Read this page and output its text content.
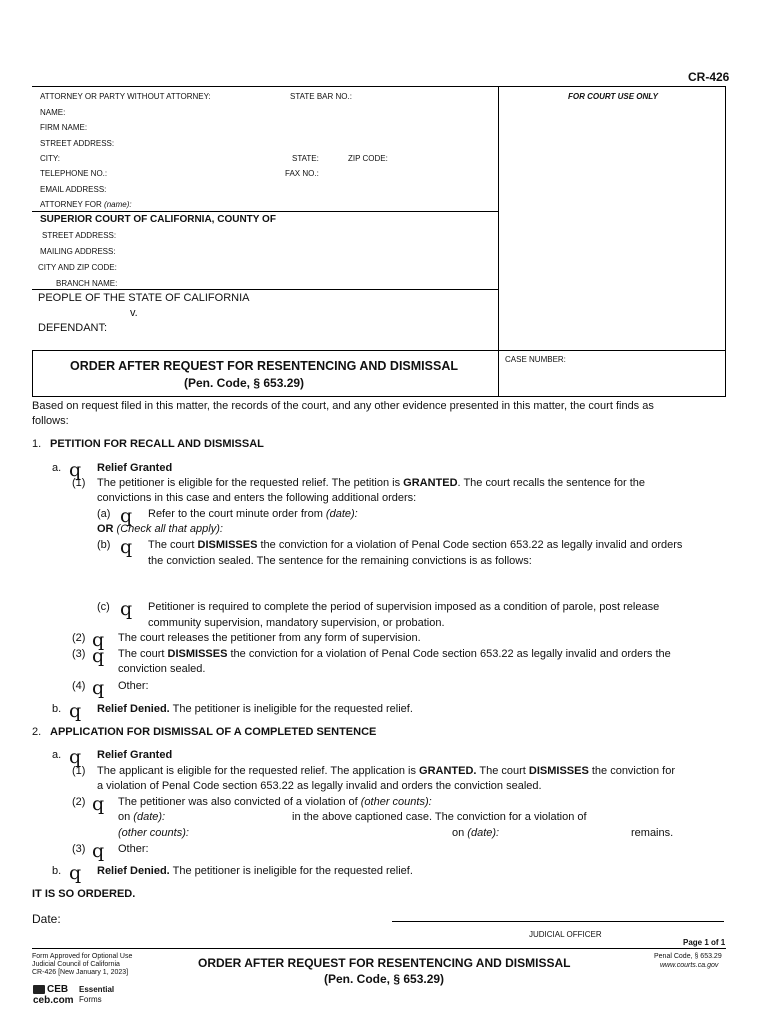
CR-426
ATTORNEY OR PARTY WITHOUT ATTORNEY:	STATE BAR NO.:	FOR COURT USE ONLY
NAME:
FIRM NAME:
STREET ADDRESS:
CITY:	STATE:	ZIP CODE:
TELEPHONE NO.:	FAX NO.:
EMAIL ADDRESS:
ATTORNEY FOR (name):
SUPERIOR COURT OF CALIFORNIA, COUNTY OF
STREET ADDRESS:
MAILING ADDRESS:
CITY AND ZIP CODE:
BRANCH NAME:
PEOPLE OF THE STATE OF CALIFORNIA
v.
DEFENDANT:
CASE NUMBER:
ORDER AFTER REQUEST FOR RESENTENCING AND DISMISSAL
(Pen. Code, § 653.29)
Based on request filed in this matter, the records of the court, and any other evidence presented in this matter, the court finds as
follows:
1. PETITION FOR RECALL AND DISMISSAL
a. q Relief Granted
(1) The petitioner is eligible for the requested relief. The petition is GRANTED. The court recalls the sentence for the
convictions in this case and enters the following additional orders:
(a) q Refer to the court minute order from (date):
OR (Check all that apply):
(b) q The court DISMISSES the conviction for a violation of Penal Code section 653.22 as legally invalid and orders
the conviction sealed. The sentence for the remaining convictions is as follows:
(c) q Petitioner is required to complete the period of supervision imposed as a condition of parole, post release
community supervision, mandatory supervision, or probation.
(2) q The court releases the petitioner from any form of supervision.
(3) q The court DISMISSES the conviction for a violation of Penal Code section 653.22 as legally invalid and orders the
conviction sealed.
(4) q Other:
b. q Relief Denied. The petitioner is ineligible for the requested relief.
2. APPLICATION FOR DISMISSAL OF A COMPLETED SENTENCE
a. q Relief Granted
(1) The applicant is eligible for the requested relief. The application is GRANTED. The court DISMISSES the conviction for
a violation of Penal Code section 653.22 as legally invalid and orders the conviction sealed.
(2) q The petitioner was also convicted of a violation of (other counts):
on (date):	in the above captioned case. The conviction for a violation of
(other counts):	on (date):	remains.
(3) q Other:
b. q Relief Denied. The petitioner is ineligible for the requested relief.
IT IS SO ORDERED.
Date:
JUDICIAL OFFICER
Page 1 of 1
Form Approved for Optional Use
Judicial Council of California
CR-426 [New January 1, 2023]
ORDER AFTER REQUEST FOR RESENTENCING AND DISMISSAL
(Pen. Code, § 653.29)
Penal Code, § 653.29
www.courts.ca.gov
CEB
ceb.com
Essential
Forms
